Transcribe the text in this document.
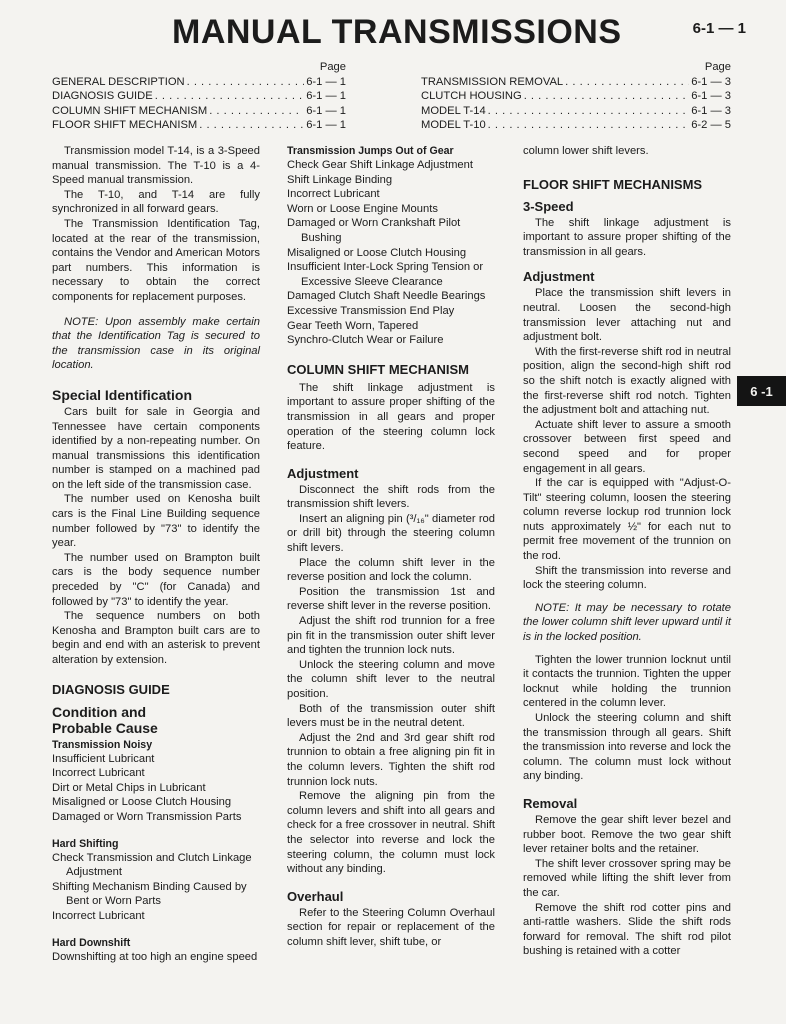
MANUAL TRANSMISSIONS	6-1 — 1
Page
GENERAL DESCRIPTION . . .	6-1 — 1
DIAGNOSIS GUIDE . . .	6-1 — 1
COLUMN SHIFT MECHANISM . . .	6-1 — 1
FLOOR SHIFT MECHANISM . . .	6-1 — 1
Page
TRANSMISSION REMOVAL . . .	6-1 — 3
CLUTCH HOUSING . . .	6-1 — 3
MODEL T-14 . . .	6-1 — 3
MODEL T-10 . . .	6-2 — 5
6 -1

Transmission model T-14, is a 3-Speed manual transmission. The T-10 is a 4-Speed manual transmission.

The T-10, and T-14 are fully synchronized in all forward gears.

The Transmission Identification Tag, located at the rear of the transmission, contains the Vendor and American Motors part numbers. This information is necessary to obtain the correct components for replacement purposes.

NOTE: Upon assembly make certain that the Identification Tag is secured to the transmission case in its original location.

Special Identification

Cars built for sale in Georgia and Tennessee have certain components identified by a non-repeating number. On manual transmissions this identification number is stamped on a machined pad on the left side of the transmission case.

The number used on Kenosha built cars is the Final Line Building sequence number followed by "73" to identify the year.

The number used on Brampton built cars is the body sequence number preceded by "C" (for Canada) and followed by "73" to identify the year.

The sequence numbers on both Kenosha and Brampton built cars are to begin and end with an asterisk to prevent alteration by extension.

DIAGNOSIS GUIDE
Condition and
Probable Cause
Transmission Noisy
Insufficient Lubricant
Incorrect Lubricant
Dirt or Metal Chips in Lubricant
Misaligned or Loose Clutch Housing
Damaged or Worn Transmission Parts
Hard Shifting
Check Transmission and Clutch Linkage Adjustment
Shifting Mechanism Binding Caused by Bent or Worn Parts
Incorrect Lubricant
Hard Downshift
Downshifting at too high an engine speed
Transmission Jumps Out of Gear
Check Gear Shift Linkage Adjustment
Shift Linkage Binding
Incorrect Lubricant
Worn or Loose Engine Mounts
Damaged or Worn Crankshaft Pilot Bushing
Misaligned or Loose Clutch Housing
Insufficient Inter-Lock Spring Tension or Excessive Sleeve Clearance
Damaged Clutch Shaft Needle Bearings
Excessive Transmission End Play
Gear Teeth Worn, Tapered
Synchro-Clutch Wear or Failure
COLUMN SHIFT MECHANISM

The shift linkage adjustment is important to assure proper shifting of the transmission in all gears and proper operation of the steering column lock feature.

Adjustment

Disconnect the shift rods from the transmission shift levers.

Insert an aligning pin (³/₁₆" diameter rod or drill bit) through the steering column shift levers.

Place the column shift lever in the reverse position and lock the column.

Position the transmission 1st and reverse shift lever in the reverse position.

Adjust the shift rod trunnion for a free pin fit in the transmission outer shift lever and tighten the trunnion lock nuts.

Unlock the steering column and move the column shift lever to the neutral position.

Both of the transmission outer shift levers must be in the neutral detent.

Adjust the 2nd and 3rd gear shift rod trunnion to obtain a free aligning pin fit in the column levers. Tighten the shift rod trunnion lock nuts.

Remove the aligning pin from the column levers and shift into all gears and check for a free crossover in neutral. Shift the selector into reverse and lock the steering column, the column must lock without any binding.

Overhaul

Refer to the Steering Column Overhaul section for repair or replacement of the column shift lever, shift tube, or

column lower shift levers.

FLOOR SHIFT MECHANISMS
3-Speed

The shift linkage adjustment is important to assure proper shifting of the transmission in all gears.

Adjustment

Place the transmission shift levers in neutral. Loosen the second-high transmission lever attaching nut and adjustment bolt.

With the first-reverse shift rod in neutral position, align the second-high shift rod so the shift notch is exactly aligned with the first-reverse shift rod notch. Tighten the adjustment bolt and attaching nut.

Actuate shift lever to assure a smooth crossover between first speed and second speed and for proper engagement in all gears.

If the car is equipped with "Adjust-O-Tilt" steering column, loosen the steering column reverse lockup rod trunnion lock nuts approximately ½" for each nut to permit free movement of the trunnion on the rod.

Shift the transmission into reverse and lock the steering column.

NOTE: It may be necessary to rotate the lower column shift lever upward until it is in the locked position.

Tighten the lower trunnion locknut until it contacts the trunnion. Tighten the upper locknut while holding the trunnion centered in the column lever.

Unlock the steering column and shift the transmission through all gears. Shift the transmission into reverse and lock the column. The column must lock without any binding.

Removal

Remove the gear shift lever bezel and rubber boot. Remove the two gear shift lever retainer bolts and the retainer.

The shift lever crossover spring may be removed while lifting the shift lever from the car.

Remove the shift rod cotter pins and anti-rattle washers. Slide the shift rods forward for removal. The shift rod pilot bushing is retained with a cotter
